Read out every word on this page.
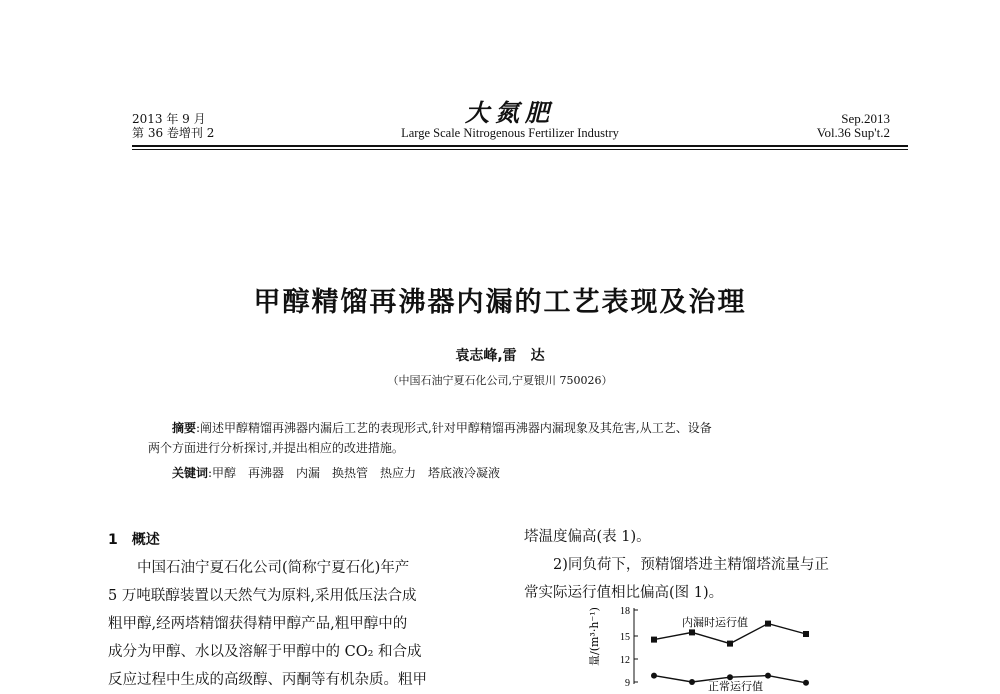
2013 年 9 月
第 36 卷增刊 2
大氮肥
Large Scale Nitrogenous Fertilizer Industry
Sep.2013
Vol.36 Sup't.2
甲醇精馏再沸器内漏的工艺表现及治理
袁志峰,雷　达
（中国石油宁夏石化公司,宁夏银川 750026）
摘要:阐述甲醇精馏再沸器内漏后工艺的表现形式,针对甲醇精馏再沸器内漏现象及其危害,从工艺、设备
两个方面进行分析探讨,并提出相应的改进措施。
关键词:甲醇　再沸器　内漏　换热管　热应力　塔底液冷凝液
1　概述
中国石油宁夏石化公司(简称宁夏石化)年产
5 万吨联醇装置以天然气为原料,采用低压法合成
粗甲醇,经两塔精馏获得精甲醇产品,粗甲醇中的
成分为甲醇、水以及溶解于甲醇中的 CO₂ 和合成
反应过程中生成的高级醇、丙酮等有机杂质。粗甲
塔温度偏高(表 1)。
2)同负荷下，预精馏塔进主精馏塔流量与正
常实际运行值相比偏高(图 1)。
量/(m³·h⁻¹) 18
15
12
9
内漏时运行值
正常运行值
